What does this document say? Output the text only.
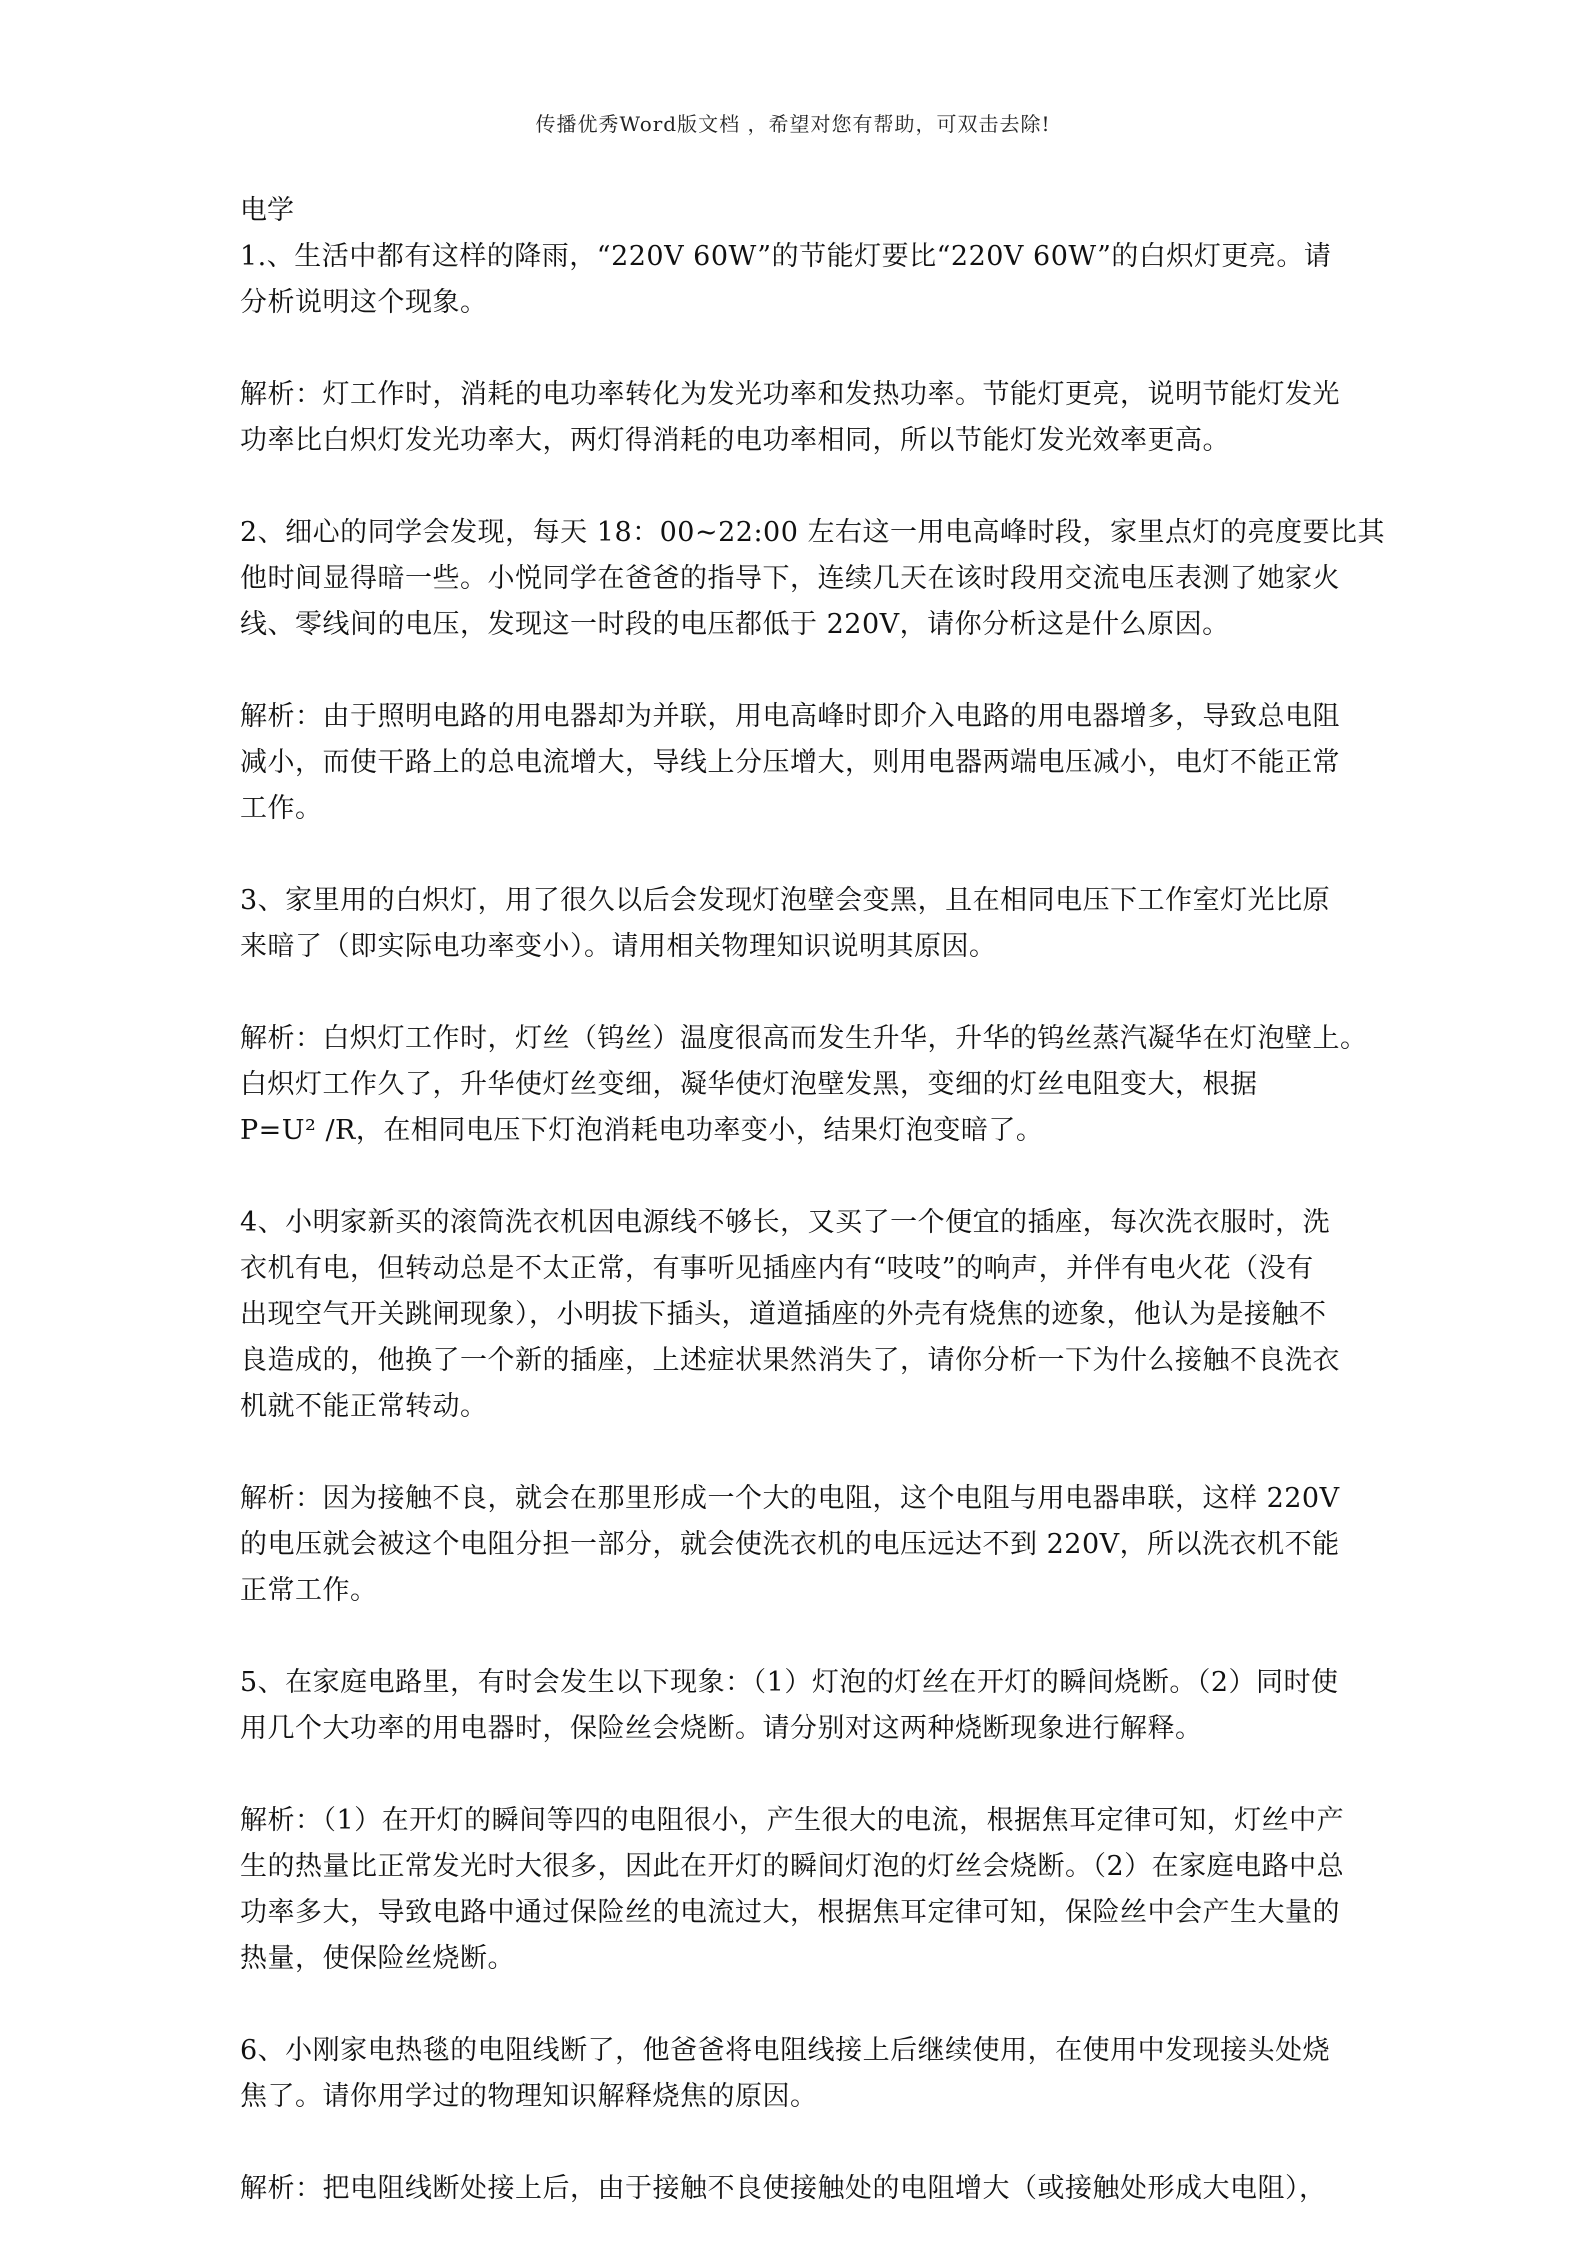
传播优秀Word版文档 ，希望对您有帮助，可双击去除!

电学

1.、生活中都有这样的降雨，“220V 60W”的节能灯要比“220V 60W”的白炽灯更亮。请
分析说明这个现象。

解析：灯工作时，消耗的电功率转化为发光功率和发热功率。节能灯更亮，说明节能灯发光
功率比白炽灯发光功率大，两灯得消耗的电功率相同，所以节能灯发光效率更高。

2、细心的同学会发现，每天 18：00~22:00 左右这一用电高峰时段，家里点灯的亮度要比其
他时间显得暗一些。小悦同学在爸爸的指导下，连续几天在该时段用交流电压表测了她家火
线、零线间的电压，发现这一时段的电压都低于 220V，请你分析这是什么原因。

解析：由于照明电路的用电器却为并联，用电高峰时即介入电路的用电器增多，导致总电阻
减小，而使干路上的总电流增大，导线上分压增大，则用电器两端电压减小，电灯不能正常
工作。

3、家里用的白炽灯，用了很久以后会发现灯泡壁会变黑，且在相同电压下工作室灯光比原
来暗了（即实际电功率变小）。请用相关物理知识说明其原因。

解析：白炽灯工作时，灯丝（钨丝）温度很高而发生升华，升华的钨丝蒸汽凝华在灯泡壁上。
白炽灯工作久了，升华使灯丝变细，凝华使灯泡壁发黑，变细的灯丝电阻变大，根据
P=U² /R，在相同电压下灯泡消耗电功率变小，结果灯泡变暗了。

4、小明家新买的滚筒洗衣机因电源线不够长，又买了一个便宜的插座，每次洗衣服时，洗
衣机有电，但转动总是不太正常，有事听见插座内有“吱吱”的响声，并伴有电火花（没有
出现空气开关跳闸现象），小明拔下插头，道道插座的外壳有烧焦的迹象，他认为是接触不
良造成的，他换了一个新的插座，上述症状果然消失了，请你分析一下为什么接触不良洗衣
机就不能正常转动。

解析：因为接触不良，就会在那里形成一个大的电阻，这个电阻与用电器串联，这样 220V
的电压就会被这个电阻分担一部分，就会使洗衣机的电压远达不到 220V，所以洗衣机不能
正常工作。

5、在家庭电路里，有时会发生以下现象：（1）灯泡的灯丝在开灯的瞬间烧断。（2）同时使
用几个大功率的用电器时，保险丝会烧断。请分别对这两种烧断现象进行解释。

解析：（1）在开灯的瞬间等四的电阻很小，产生很大的电流，根据焦耳定律可知，灯丝中产
生的热量比正常发光时大很多，因此在开灯的瞬间灯泡的灯丝会烧断。（2）在家庭电路中总
功率多大，导致电路中通过保险丝的电流过大，根据焦耳定律可知，保险丝中会产生大量的
热量，使保险丝烧断。

6、小刚家电热毯的电阻线断了，他爸爸将电阻线接上后继续使用，在使用中发现接头处烧
焦了。请你用学过的物理知识解释烧焦的原因。

解析：把电阻线断处接上后，由于接触不良使接触处的电阻增大（或接触处形成大电阻），
